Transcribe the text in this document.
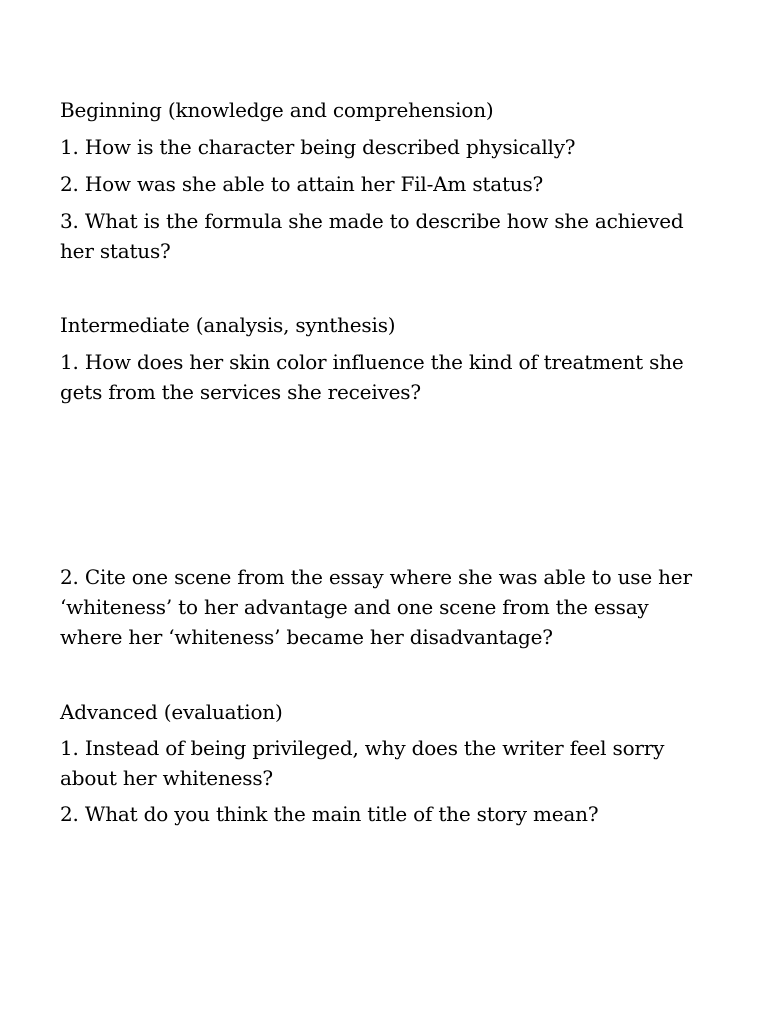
Beginning (knowledge and comprehension)
1. How is the character being described physically?
2. How was she able to attain her Fil-Am status?
3. What is the formula she made to describe how she achieved her status?
Intermediate (analysis, synthesis)
1. How does her skin color influence the kind of treatment she gets from the services she receives?
2. Cite one scene from the essay where she was able to use her ‘whiteness’ to her advantage and one scene from the essay where her ‘whiteness’ became her disadvantage?
Advanced (evaluation)
1. Instead of being privileged, why does the writer feel sorry about her whiteness?
2. What do you think the main title of the story mean?
